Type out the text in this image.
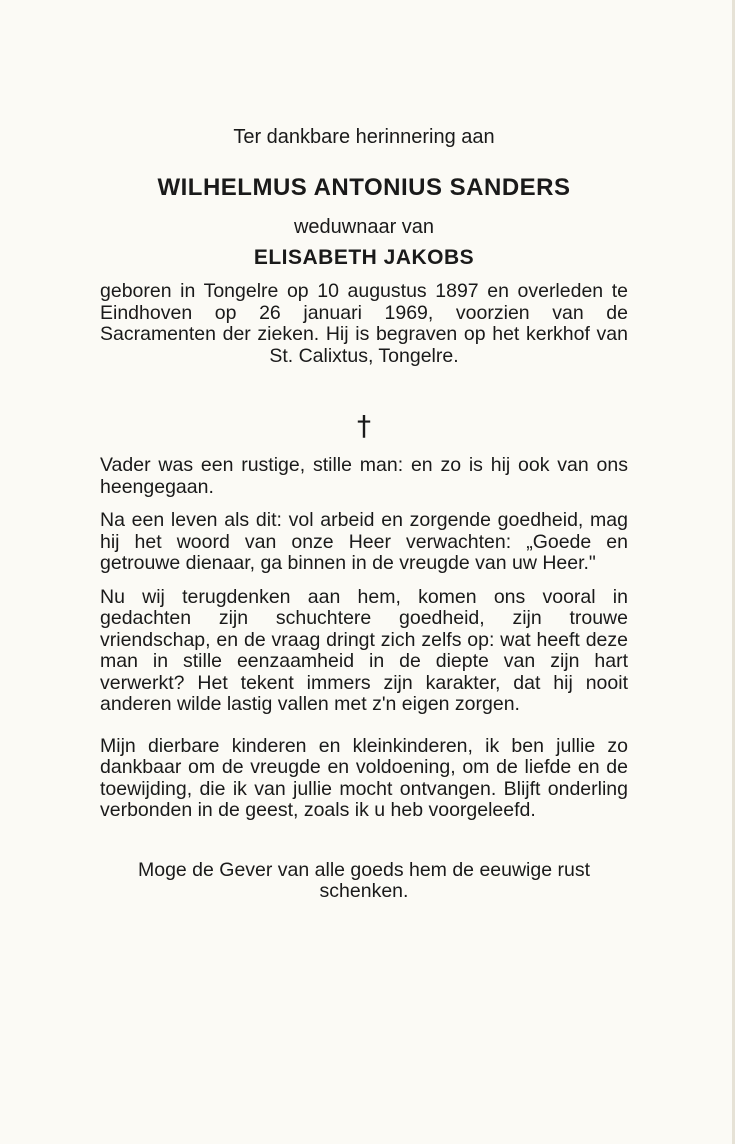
Ter dankbare herinnering aan

WILHELMUS ANTONIUS SANDERS

weduwnaar van

ELISABETH JAKOBS

geboren in Tongelre op 10 augustus 1897 en overleden te Eindhoven op 26 januari 1969, voorzien van de Sacramenten der zieken. Hij is begraven op het kerkhof van St. Calixtus, Tongelre.

†

Vader was een rustige, stille man: en zo is hij ook van ons heengegaan.

Na een leven als dit: vol arbeid en zorgende goedheid, mag hij het woord van onze Heer verwachten: „Goede en getrouwe dienaar, ga binnen in de vreugde van uw Heer."

Nu wij terugdenken aan hem, komen ons vooral in gedachten zijn schuchtere goedheid, zijn trouwe vriendschap, en de vraag dringt zich zelfs op: wat heeft deze man in stille eenzaamheid in de diepte van zijn hart verwerkt? Het tekent immers zijn karakter, dat hij nooit anderen wilde lastig vallen met z'n eigen zorgen.

Mijn dierbare kinderen en kleinkinderen, ik ben jullie zo dankbaar om de vreugde en voldoening, om de liefde en de toewijding, die ik van jullie mocht ontvangen. Blijft onderling verbonden in de geest, zoals ik u heb voorgeleefd.

Moge de Gever van alle goeds hem de eeuwige rust schenken.
